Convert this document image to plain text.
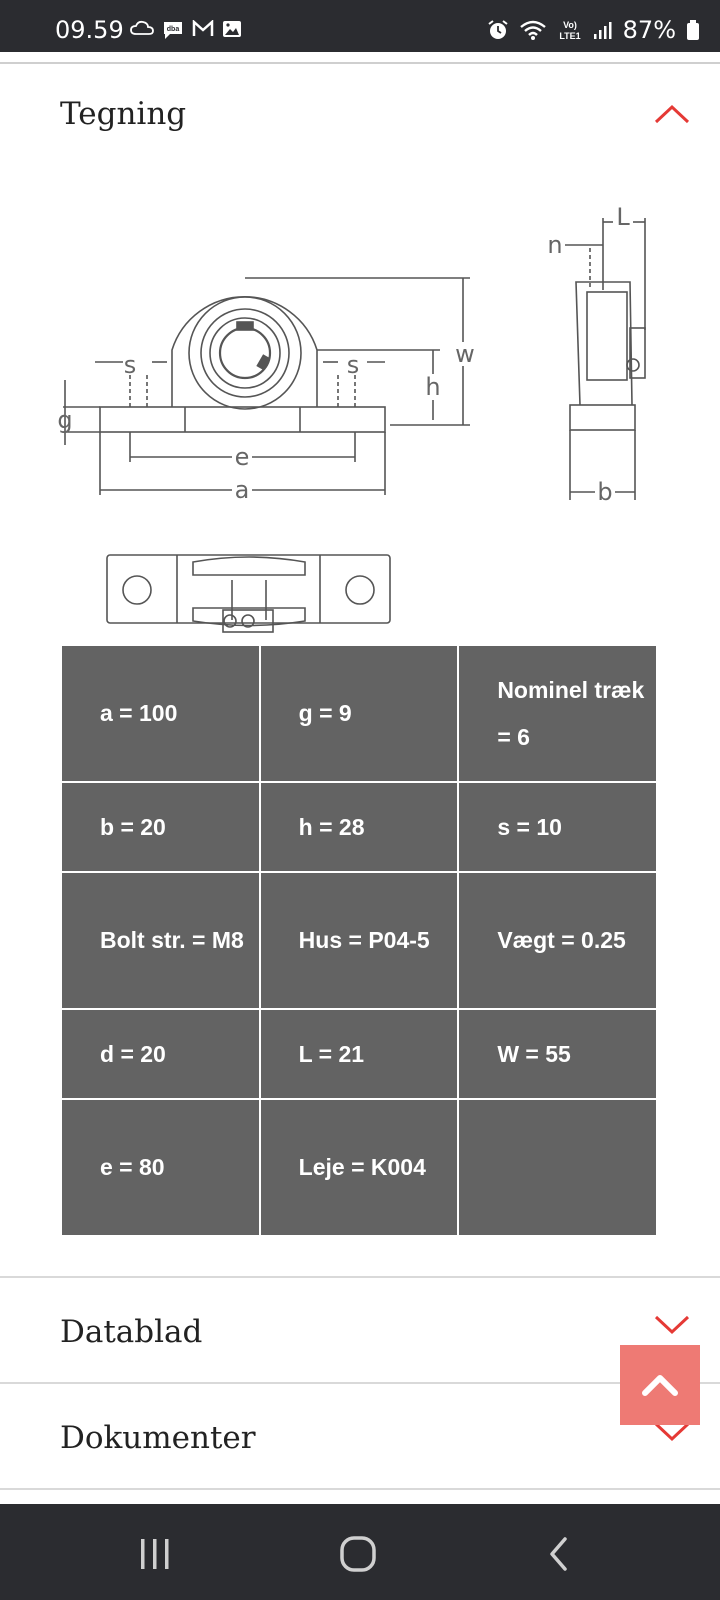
09.59	dba	Vo)
LTE1 87%
Tegning
s	s
g
e
a
h
w
n
L
b
a = 100	g = 9	Nominel træk = 6
b = 20	h = 28	s = 10
Bolt str. = M8	Hus = P04-5	Vægt = 0.25
d = 20	L = 21	W = 55
e = 80	Leje = K004	
Datablad
Dokumenter
